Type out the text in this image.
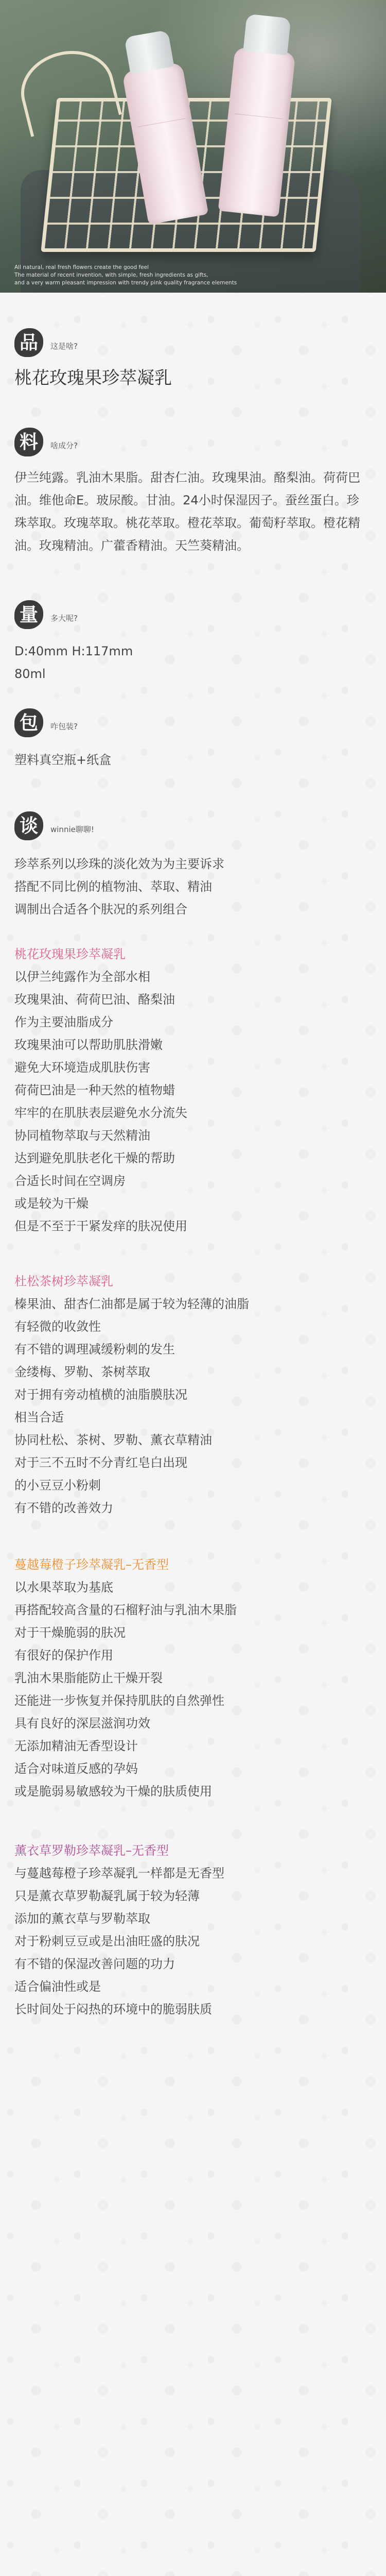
All natural, real fresh flowers create the good feel
The material of recent invention, with simple, fresh ingredients as gifts,
and a very warm pleasant impression with trendy pink quality fragrance elements
品	这是啥?
桃花玫瑰果珍萃凝乳
料	啥成分?
伊兰纯露。乳油木果脂。甜杏仁油。玫瑰果油。酪梨油。荷荷巴油。维他命E。玻尿酸。甘油。24小时保湿因子。蚕丝蛋白。珍珠萃取。玫瑰萃取。桃花萃取。橙花萃取。葡萄籽萃取。橙花精油。玫瑰精油。广藿香精油。天竺葵精油。
量	多大呢?
D:40mm H:117mm
80ml
包	咋包装?
塑料真空瓶+纸盒
谈	winnie聊聊!
珍萃系列以珍珠的淡化效为为主要诉求
搭配不同比例的植物油、萃取、精油
调制出合适各个肤况的系列组合
桃花玫瑰果珍萃凝乳
以伊兰纯露作为全部水相
玫瑰果油、荷荷巴油、酪梨油
作为主要油脂成分
玫瑰果油可以帮助肌肤滑嫩
避免大环境造成肌肤伤害
荷荷巴油是一种天然的植物蜡
牢牢的在肌肤表层避免水分流失
协同植物萃取与天然精油
达到避免肌肤老化干燥的帮助
合适长时间在空调房
或是较为干燥
但是不至于干紧发痒的肤况使用
杜松茶树珍萃凝乳
榛果油、甜杏仁油都是属于较为轻薄的油脂
有轻微的收敛性
有不错的调理减缓粉刺的发生
金缕梅、罗勒、茶树萃取
对于拥有旁动植横的油脂膜肤况
相当合适
协同杜松、茶树、罗勒、薰衣草精油
对于三不五时不分青红皂白出现
的小豆豆小粉刺
有不错的改善效力
蔓越莓橙子珍萃凝乳–无香型
以水果萃取为基底
再搭配较高含量的石榴籽油与乳油木果脂
对于干燥脆弱的肤况
有很好的保护作用
乳油木果脂能防止干燥开裂
还能进一步恢复并保持肌肤的自然弹性
具有良好的深层滋润功效
无添加精油无香型设计
适合对味道反感的孕妈
或是脆弱易敏感较为干燥的肤质使用
薰衣草罗勒珍萃凝乳–无香型
与蔓越莓橙子珍萃凝乳一样都是无香型
只是薰衣草罗勒凝乳属于较为轻薄
添加的薰衣草与罗勒萃取
对于粉刺豆豆或是出油旺盛的肤况
有不错的保湿改善问题的功力
适合偏油性或是
长时间处于闷热的环境中的脆弱肤质
